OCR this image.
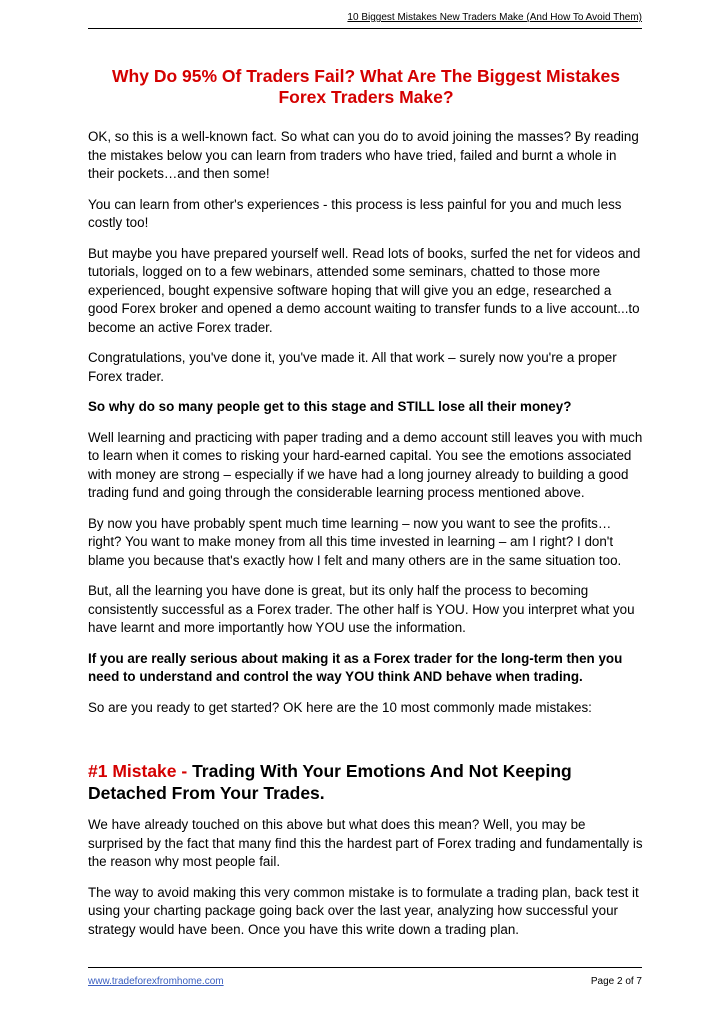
10 Biggest Mistakes New Traders Make (And How To Avoid Them)
Why Do 95% Of Traders Fail? What Are The Biggest Mistakes Forex Traders Make?

OK, so this is a well-known fact. So what can you do to avoid joining the masses? By reading the mistakes below you can learn from traders who have tried, failed and burnt a whole in their pockets…and then some!

You can learn from other's experiences - this process is less painful for you and much less costly too!

But maybe you have prepared yourself well. Read lots of books, surfed the net for videos and tutorials, logged on to a few webinars, attended some seminars, chatted to those more experienced, bought expensive software hoping that will give you an edge, researched a good Forex broker and opened a demo account waiting to transfer funds to a live account...to become an active Forex trader.

Congratulations, you've done it, you've made it. All that work – surely now you're a proper Forex trader.

So why do so many people get to this stage and STILL lose all their money?

Well learning and practicing with paper trading and a demo account still leaves you with much to learn when it comes to risking your hard-earned capital. You see the emotions associated with money are strong – especially if we have had a long journey already to building a good trading fund and going through the considerable learning process mentioned above.

By now you have probably spent much time learning – now you want to see the profits…right? You want to make money from all this time invested in learning – am I right? I don't blame you because that's exactly how I felt and many others are in the same situation too.

But, all the learning you have done is great, but its only half the process to becoming consistently successful as a Forex trader. The other half is YOU. How you interpret what you have learnt and more importantly how YOU use the information.

If you are really serious about making it as a Forex trader for the long-term then you need to understand and control the way YOU think AND behave when trading.

So are you ready to get started? OK here are the 10 most commonly made mistakes:

#1 Mistake - Trading With Your Emotions And Not Keeping Detached From Your Trades.

We have already touched on this above but what does this mean? Well, you may be surprised by the fact that many find this the hardest part of Forex trading and fundamentally is the reason why most people fail.

The way to avoid making this very common mistake is to formulate a trading plan, back test it using your charting package going back over the last year, analyzing how successful your strategy would have been. Once you have this write down a trading plan.

www.tradeforexfromhome.com	Page 2 of 7
